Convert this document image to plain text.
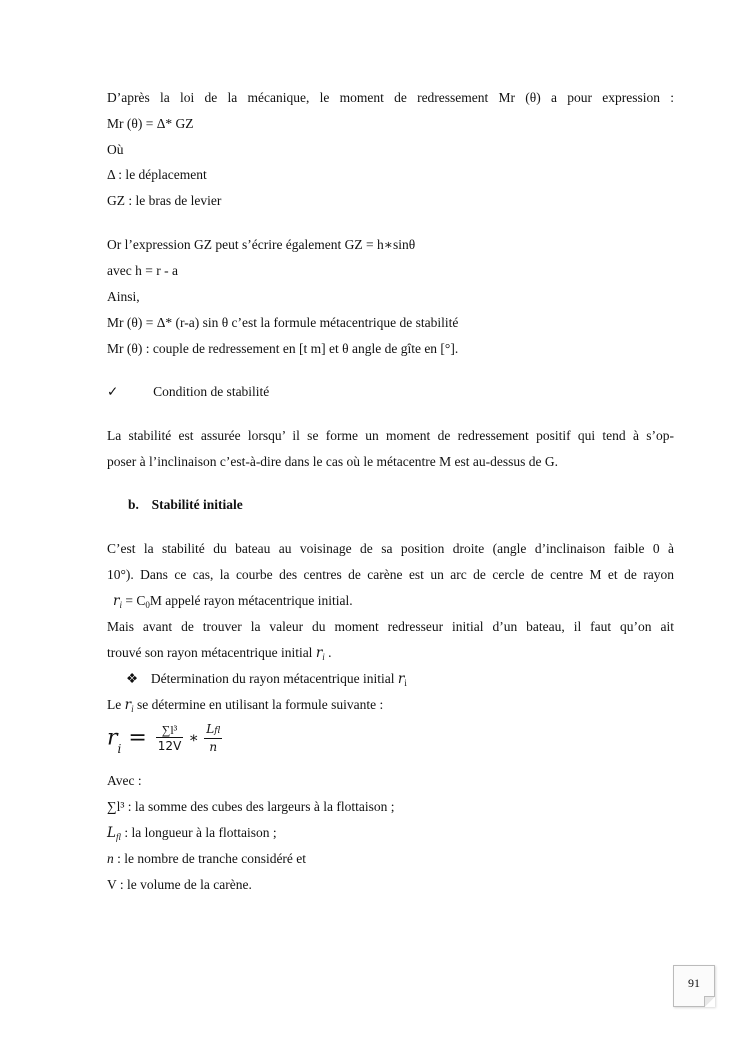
D’après la loi de la mécanique, le moment de redressement Mr (θ) a pour expression :
Mr (θ) = Δ* GZ
Où
Δ : le déplacement
GZ : le bras de levier
Or l’expression GZ peut s’écrire également GZ = h∗sinθ
avec h = r - a
Ainsi,
Mr (θ) = Δ* (r-a) sin θ c’est la formule métacentrique de stabilité
Mr (θ) : couple de redressement en [t m] et θ angle de gîte en [°].
✓	Condition de stabilité
La stabilité est assurée lorsqu’ il se forme un moment de redressement positif qui tend à s’op-
poser à l’inclinaison c’est-à-dire dans le cas où le métacentre M est au-dessus de G.
b. Stabilité initiale
C’est la stabilité du bateau au voisinage de sa position droite (angle d’inclinaison faible 0 à
10°). Dans ce cas, la courbe des centres de carène est un arc de cercle de centre M et de rayon
$r_i = C_0M$ appelé rayon métacentrique initial.
Mais avant de trouver la valeur du moment redresseur initial d’un bateau, il faut qu’on ait
trouvé son rayon métacentrique initial $r_i$ .
❖ Détermination du rayon métacentrique initial $r_i$
Le $r_i$ se détermine en utilisant la formule suivante :
ri = $\frac{\text{∑l³}}{12V}$ ∗ $\frac{\text{Lfl}}{n}$
Avec :
∑l³ : la somme des cubes des largeurs à la flottaison ;
$L_{fl}$ : la longueur à la flottaison ;
n : le nombre de tranche considéré et
V : le volume de la carène.
91
